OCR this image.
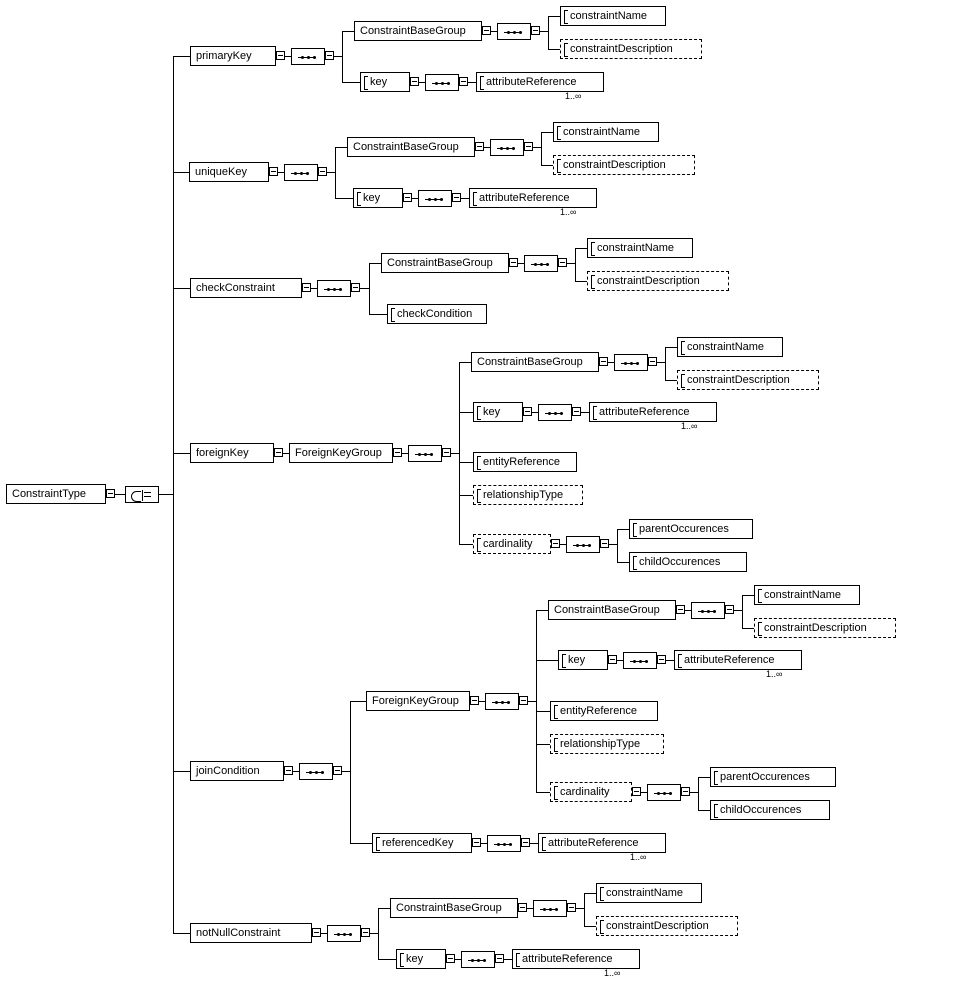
ConstraintType
primaryKey
ConstraintBaseGroup
constraintName
constraintDescription
key	attributeReference
1..∞
uniqueKey
ConstraintBaseGroup
constraintName
constraintDescription
key	attributeReference
1..∞
checkConstraint
ConstraintBaseGroup
constraintName
constraintDescription
checkCondition
foreignKey	ForeignKeyGroup
ConstraintBaseGroup
constraintName
constraintDescription
key	attributeReference
1..∞
entityReference
relationshipType
cardinality
parentOccurences
childOccurences
joinCondition
ForeignKeyGroup
ConstraintBaseGroup
constraintName
constraintDescription
key	attributeReference
1..∞
entityReference
relationshipType
cardinality
parentOccurences
childOccurences
referencedKey	attributeReference
1..∞
notNullConstraint
ConstraintBaseGroup
constraintName
constraintDescription
key	attributeReference
1..∞
